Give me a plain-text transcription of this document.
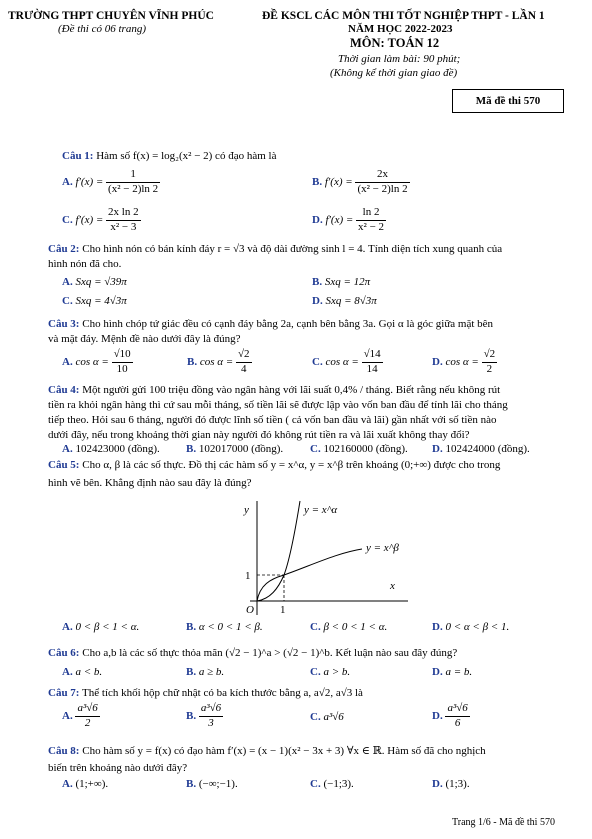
TRƯỜNG THPT CHUYÊN VĨNH PHÚC
(Đề thi có 06 trang)
ĐỀ KSCL CÁC MÔN THI TỐT NGHIỆP THPT - LẦN 1
NĂM HỌC 2022-2023
MÔN: TOÁN 12
Thời gian làm bài: 90 phút;
(Không kể thời gian giao đề)
Mã đề thi 570
Câu 1: Hàm số f(x) = log₂(x² − 2) có đạo hàm là
A. $f'(x) = \frac{1}{\text{(x² − 2)ln 2}}$	B. $f'(x) = \frac{2x}{\text{(x² − 2)ln 2}}$
C. $f'(x) = \frac{\text{2x ln 2}}{\text{x² − 3}}$	D. $f'(x) = \frac{\ln 2}{\text{x² − 2}}$
Câu 2: Cho hình nón có bán kính đáy r = √3 và độ dài đường sinh l = 4. Tính diện tích xung quanh của
hình nón đã cho.
A. Sxq = √39π	B. Sxq = 12π
C. Sxq = 4√3π	D. Sxq = 8√3π
Câu 3: Cho hình chóp tứ giác đều có cạnh đáy bằng 2a, cạnh bên bằng 3a. Gọi α là góc giữa mặt bên
và mặt đáy. Mệnh đề nào dưới đây là đúng?
A. $\cos \alpha = \frac{√10}{10}$	B. $\cos \alpha = \frac{√2}{4}$	C. $\cos \alpha = \frac{√14}{14}$	D. $\cos \alpha = \frac{√2}{2}$
Câu 4: Một người gửi 100 triệu đồng vào ngân hàng với lãi suất 0,4% / tháng. Biết rằng nếu không rút
tiền ra khỏi ngân hàng thì cứ sau mỗi tháng, số tiền lãi sẽ được lập vào vốn ban đầu để tính lãi cho tháng
tiếp theo. Hỏi sau 6 tháng, người đó được lĩnh số tiền ( cả vốn ban đầu và lãi) gần nhất với số tiền nào
dưới đây, nếu trong khoảng thời gian này người đó không rút tiền ra và lãi xuất không thay đổi?
A. 102423000 (đồng). B. 102017000 (đồng). C. 102160000 (đồng). D. 102424000 (đồng).
Câu 5: Cho α, β là các số thực. Đồ thị các hàm số y = x^α, y = x^β trên khoảng (0;+∞) được cho trong
hình vẽ bên. Khẳng định nào sau đây là đúng?
y
x
O
1
1
y = x^α
y = x^β
A. 0 < β < 1 < α.	B. α < 0 < 1 < β.	C. β < 0 < 1 < α.	D. 0 < α < β < 1.
Câu 6: Cho a,b là các số thực thỏa mãn (√2 − 1)^a > (√2 − 1)^b. Kết luận nào sau đây đúng?
A. a < b.	B. a ≥ b.	C. a > b.	D. a = b.
Câu 7: Thể tích khối hộp chữ nhật có ba kích thước bằng a, a√2, a√3 là
A. $\frac{\text{a³√6}}{2}$	B. $\frac{\text{a³√6}}{3}$	C. a³√6	D. $\frac{\text{a³√6}}{6}$
Câu 8: Cho hàm số y = f(x) có đạo hàm f′(x) = (x − 1)(x² − 3x + 3) ∀x ∈ ℝ. Hàm số đã cho nghịch
biến trên khoảng nào dưới đây?
A. (1;+∞).	B. (−∞;−1).	C. (−1;3).	D. (1;3).
Trang 1/6 - Mã đề thi 570
